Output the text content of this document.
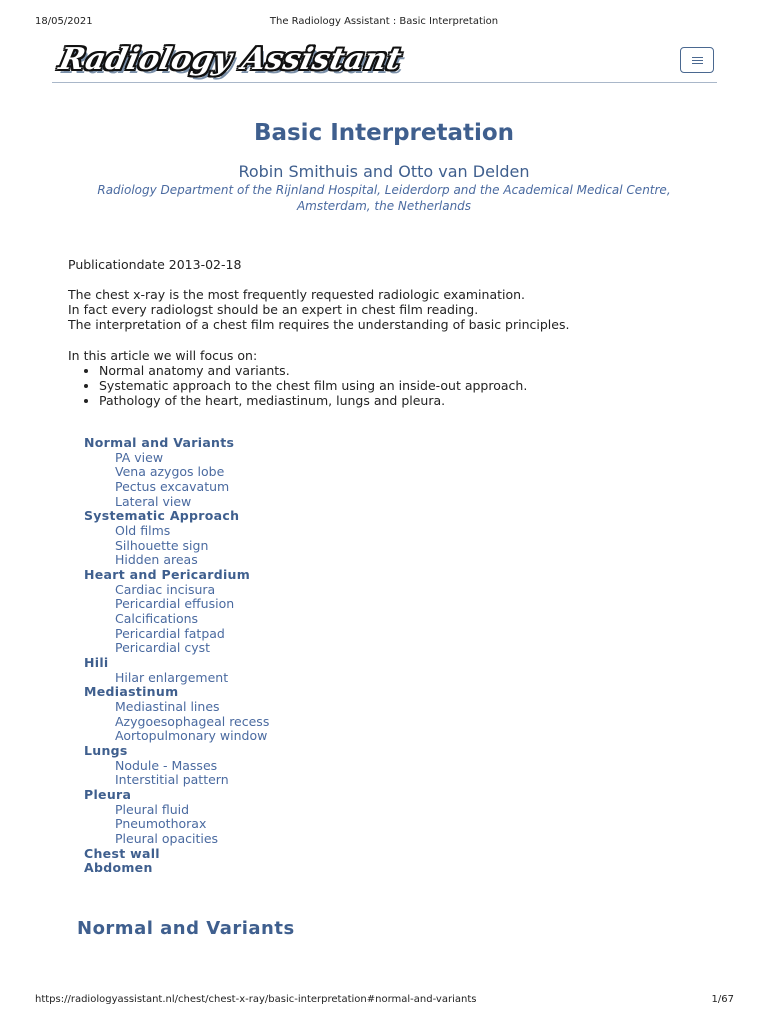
18/05/2021	The Radiology Assistant : Basic Interpretation
Radiology Assistant
Basic Interpretation
Robin Smithuis and Otto van Delden
Radiology Department of the Rijnland Hospital, Leiderdorp and the Academical Medical Centre,
Amsterdam, the Netherlands
Publicationdate 2013-02-18
The chest x-ray is the most frequently requested radiologic examination.
In fact every radiologst should be an expert in chest film reading.
The interpretation of a chest film requires the understanding of basic principles.
In this article we will focus on:
• Normal anatomy and variants.
• Systematic approach to the chest film using an inside-out approach.
• Pathology of the heart, mediastinum, lungs and pleura.
Normal and Variants
PA view
Vena azygos lobe
Pectus excavatum
Lateral view
Systematic Approach
Old films
Silhouette sign
Hidden areas
Heart and Pericardium
Cardiac incisura
Pericardial effusion
Calcifications
Pericardial fatpad
Pericardial cyst
Hili
Hilar enlargement
Mediastinum
Mediastinal lines
Azygoesophageal recess
Aortopulmonary window
Lungs
Nodule - Masses
Interstitial pattern
Pleura
Pleural fluid
Pneumothorax
Pleural opacities
Chest wall
Abdomen
Normal and Variants
https://radiologyassistant.nl/chest/chest-x-ray/basic-interpretation#normal-and-variants	1/67
